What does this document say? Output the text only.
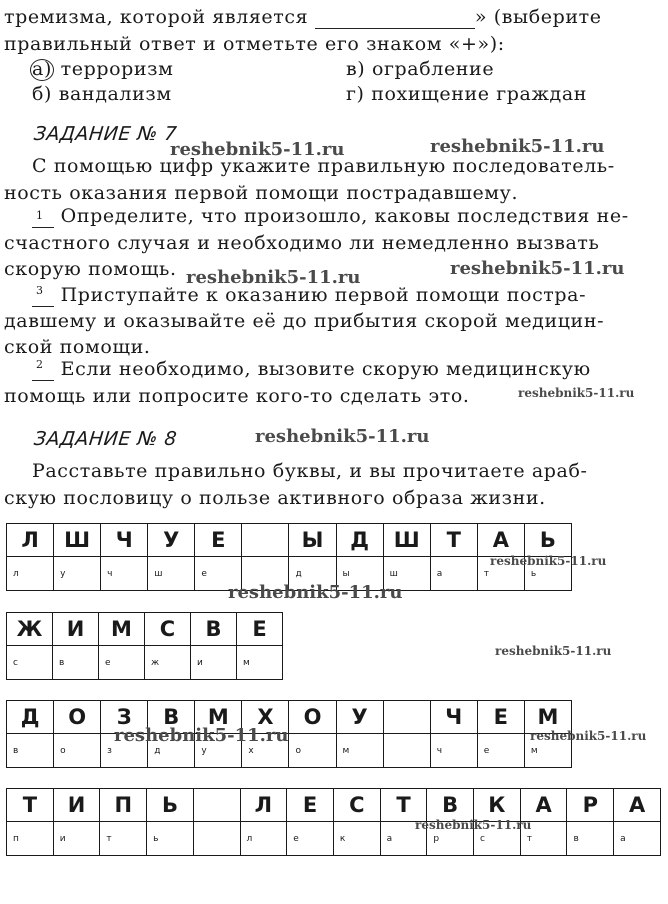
тремизма, которой является	» (выберите
правильный ответ и отметьте его знаком «+»):
а) терроризм
б) вандализм
в) ограбление
г) похищение граждан
ЗАДАНИЕ № 7
С помощью цифр укажите правильную последователь-
ность оказания первой помощи пострадавшему.
1 Определите, что произошло, каковы последствия не-
счастного случая и необходимо ли немедленно вызвать
скорую помощь.
3 Приступайте к оказанию первой помощи постра-
давшему и оказывайте её до прибытия скорой медицин-
ской помощи.
2 Если необходимо, вызовите скорую медицинскую
помощь или попросите кого-то сделать это.
ЗАДАНИЕ № 8
Расставьте правильно буквы, и вы прочитаете араб-
скую пословицу о пользе активного образа жизни.
Л	Ш	Ч	У	Е		Ы	Д	Ш	Т	А	Ь
л	у	ч	ш	е		д	ы	ш	а	т	ь
Ж	И	М	С	В	Е
с	в	е	ж	и	м
Д	О	З	В	М	Х	О	У		Ч	Е	М
в	о	з	д	у	х	о	м		ч	е	м
Т	И	П	Ь		Л	Е	С	Т	В	К	А	Р	А
п	и	т	ь		л	е	к	а	р	с	т	в	а
reshebnik5-11.ru	reshebnik5-11.ru
reshebnik5-11.ru	reshebnik5-11.ru
reshebnik5-11.ru
reshebnik5-11.ru
reshebnik5-11.ru
reshebnik5-11.ru
reshebnik5-11.ru
reshebnik5-11.ru	reshebnik5-11.ru
reshebnik5-11.ru
